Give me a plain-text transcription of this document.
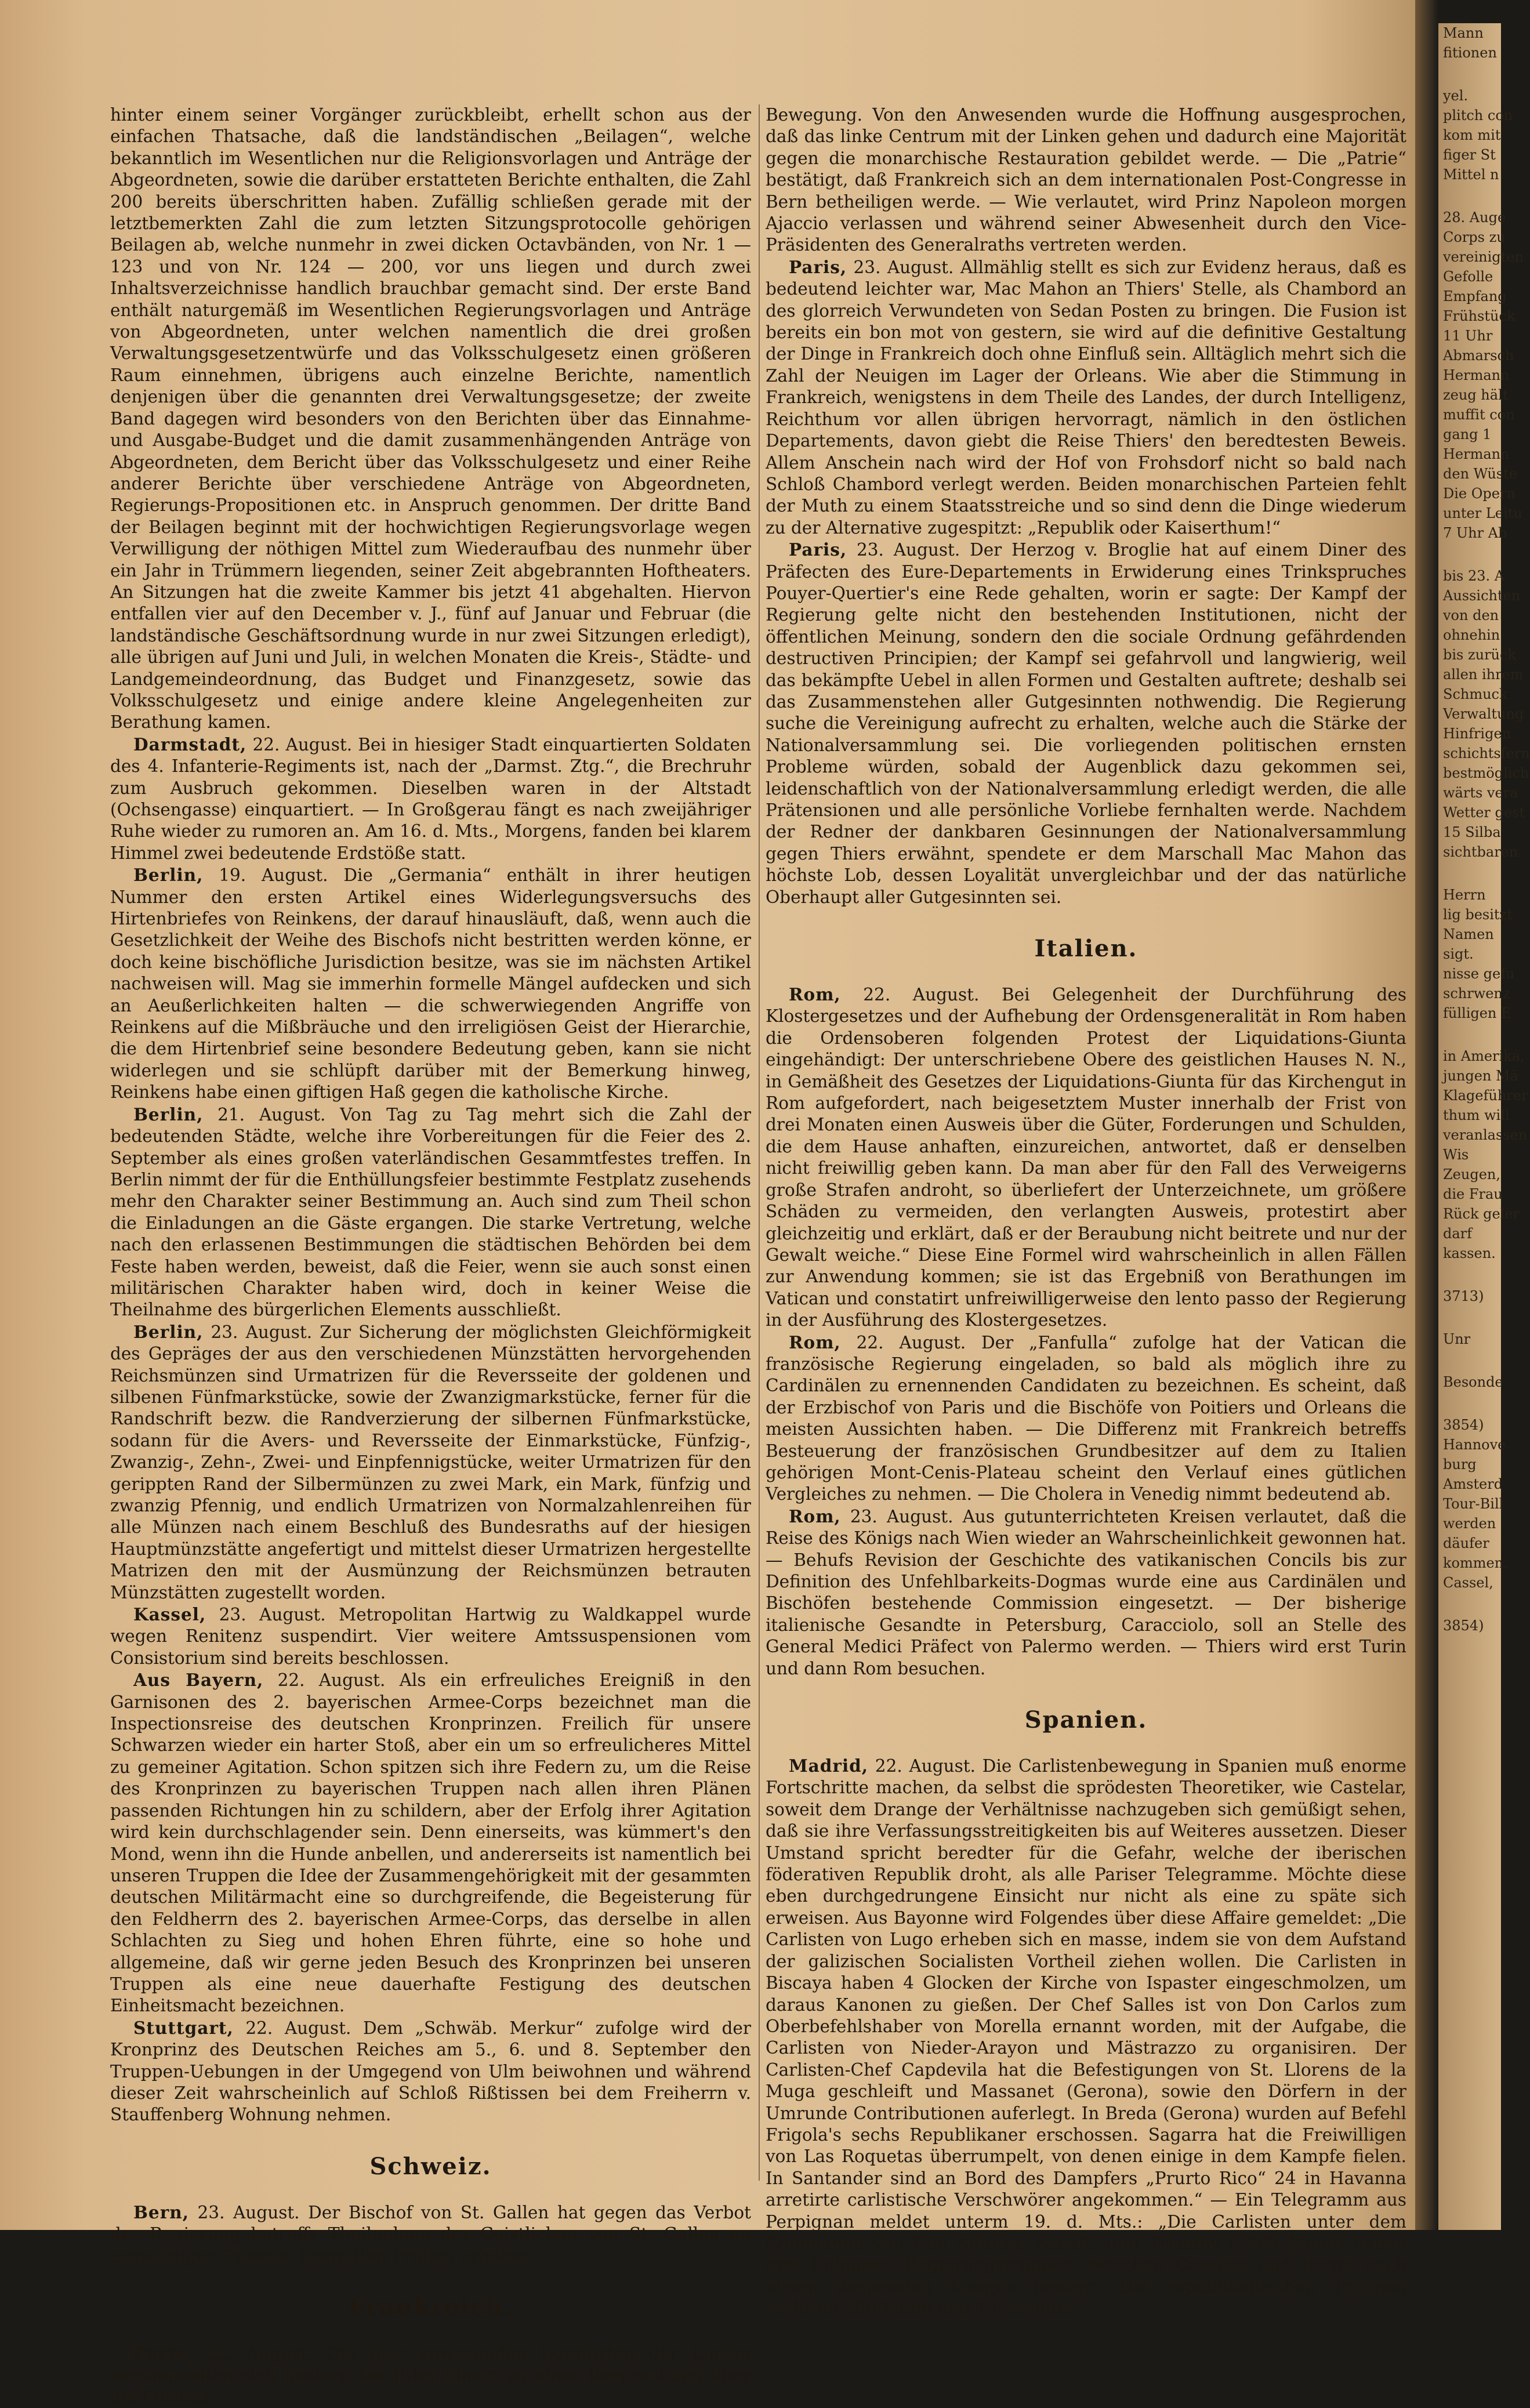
hinter einem seiner Vorgänger zurückbleibt, erhellt schon aus der einfachen Thatsache, daß die landständischen „Beilagen“, welche bekanntlich im Wesentlichen nur die Religionsvorlagen und Anträge der Abgeordneten, sowie die darüber erstatteten Berichte enthalten, die Zahl 200 bereits überschritten haben. Zufällig schließen gerade mit der letztbemerkten Zahl die zum letzten Sitzungsprotocolle gehörigen Beilagen ab, welche nunmehr in zwei dicken Octavbänden, von Nr. 1 — 123 und von Nr. 124 — 200, vor uns liegen und durch zwei Inhaltsverzeichnisse handlich brauchbar gemacht sind. Der erste Band enthält naturgemäß im Wesentlichen Regierungsvorlagen und Anträge von Abgeordneten, unter welchen namentlich die drei großen Verwaltungsgesetzentwürfe und das Volksschulgesetz einen größeren Raum einnehmen, übrigens auch einzelne Berichte, namentlich denjenigen über die genannten drei Verwaltungsgesetze; der zweite Band dagegen wird besonders von den Berichten über das Einnahme- und Ausgabe-Budget und die damit zusammenhängenden Anträge von Abgeordneten, dem Bericht über das Volksschulgesetz und einer Reihe anderer Berichte über verschiedene Anträge von Abgeordneten, Regierungs-Propositionen etc. in Anspruch genommen. Der dritte Band der Beilagen beginnt mit der hochwichtigen Regierungsvorlage wegen Verwilligung der nöthigen Mittel zum Wiederaufbau des nunmehr über ein Jahr in Trümmern liegenden, seiner Zeit abgebrannten Hoftheaters. An Sitzungen hat die zweite Kammer bis jetzt 41 abgehalten. Hiervon entfallen vier auf den December v. J., fünf auf Januar und Februar (die landständische Geschäftsordnung wurde in nur zwei Sitzungen erledigt), alle übrigen auf Juni und Juli, in welchen Monaten die Kreis-, Städte- und Landgemeindeordnung, das Budget und Finanzgesetz, sowie das Volksschulgesetz und einige andere kleine Angelegenheiten zur Berathung kamen.

Darmstadt, 22. August. Bei in hiesiger Stadt einquartierten Soldaten des 4. Infanterie-Regiments ist, nach der „Darmst. Ztg.“, die Brechruhr zum Ausbruch gekommen. Dieselben waren in der Altstadt (Ochsengasse) einquartiert. — In Großgerau fängt es nach zweijähriger Ruhe wieder zu rumoren an. Am 16. d. Mts., Morgens, fanden bei klarem Himmel zwei bedeutende Erdstöße statt.

Berlin, 19. August. Die „Germania“ enthält in ihrer heutigen Nummer den ersten Artikel eines Widerlegungsversuchs des Hirtenbriefes von Reinkens, der darauf hinausläuft, daß, wenn auch die Gesetzlichkeit der Weihe des Bischofs nicht bestritten werden könne, er doch keine bischöfliche Jurisdiction besitze, was sie im nächsten Artikel nachweisen will. Mag sie immerhin formelle Mängel aufdecken und sich an Aeußerlichkeiten halten — die schwerwiegenden Angriffe von Reinkens auf die Mißbräuche und den irreligiösen Geist der Hierarchie, die dem Hirtenbrief seine besondere Bedeutung geben, kann sie nicht widerlegen und sie schlüpft darüber mit der Bemerkung hinweg, Reinkens habe einen giftigen Haß gegen die katholische Kirche.

Berlin, 21. August. Von Tag zu Tag mehrt sich die Zahl der bedeutenden Städte, welche ihre Vorbereitungen für die Feier des 2. September als eines großen vaterländischen Gesammtfestes treffen. In Berlin nimmt der für die Enthüllungsfeier bestimmte Festplatz zusehends mehr den Charakter seiner Bestimmung an. Auch sind zum Theil schon die Einladungen an die Gäste ergangen. Die starke Vertretung, welche nach den erlassenen Bestimmungen die städtischen Behörden bei dem Feste haben werden, beweist, daß die Feier, wenn sie auch sonst einen militärischen Charakter haben wird, doch in keiner Weise die Theilnahme des bürgerlichen Elements ausschließt.

Berlin, 23. August. Zur Sicherung der möglichsten Gleichförmigkeit des Gepräges der aus den verschiedenen Münzstätten hervorgehenden Reichsmünzen sind Urmatrizen für die Reversseite der goldenen und silbenen Fünfmarkstücke, sowie der Zwanzigmarkstücke, ferner für die Randschrift bezw. die Randverzierung der silbernen Fünfmarkstücke, sodann für die Avers- und Reversseite der Einmarkstücke, Fünfzig-, Zwanzig-, Zehn-, Zwei- und Einpfennigstücke, weiter Urmatrizen für den gerippten Rand der Silbermünzen zu zwei Mark, ein Mark, fünfzig und zwanzig Pfennig, und endlich Urmatrizen von Normalzahlenreihen für alle Münzen nach einem Beschluß des Bundesraths auf der hiesigen Hauptmünzstätte angefertigt und mittelst dieser Urmatrizen hergestellte Matrizen den mit der Ausmünzung der Reichsmünzen betrauten Münzstätten zugestellt worden.

Kassel, 23. August. Metropolitan Hartwig zu Waldkappel wurde wegen Renitenz suspendirt. Vier weitere Amtssuspensionen vom Consistorium sind bereits beschlossen.

Aus Bayern, 22. August. Als ein erfreuliches Ereigniß in den Garnisonen des 2. bayerischen Armee-Corps bezeichnet man die Inspectionsreise des deutschen Kronprinzen. Freilich für unsere Schwarzen wieder ein harter Stoß, aber ein um so erfreulicheres Mittel zu gemeiner Agitation. Schon spitzen sich ihre Federn zu, um die Reise des Kronprinzen zu bayerischen Truppen nach allen ihren Plänen passenden Richtungen hin zu schildern, aber der Erfolg ihrer Agitation wird kein durchschlagender sein. Denn einerseits, was kümmert's den Mond, wenn ihn die Hunde anbellen, und andererseits ist namentlich bei unseren Truppen die Idee der Zusammengehörigkeit mit der gesammten deutschen Militärmacht eine so durchgreifende, die Begeisterung für den Feldherrn des 2. bayerischen Armee-Corps, das derselbe in allen Schlachten zu Sieg und hohen Ehren führte, eine so hohe und allgemeine, daß wir gerne jeden Besuch des Kronprinzen bei unseren Truppen als eine neue dauerhafte Festigung des deutschen Einheitsmacht bezeichnen.

Stuttgart, 22. August. Dem „Schwäb. Merkur“ zufolge wird der Kronprinz des Deutschen Reiches am 5., 6. und 8. September den Truppen-Uebungen in der Umgegend von Ulm beiwohnen und während dieser Zeit wahrscheinlich auf Schloß Rißtissen bei dem Freiherrn v. Stauffenberg Wohnung nehmen.

Schweiz.

Bern, 23. August. Der Bischof von St. Gallen hat gegen das Verbot der Regierung betreffs Theilnahme der Geistlichen von St. Gallen an auswärtigen Priester-Exercitien Protest erhoben.

Frankreich.

Paris, 22. August. Die hier anwesenden Deputirten der Linken versammelten sich gestern bei Jules Simon zu einer Besprechung über die Fusions-

Bewegung. Von den Anwesenden wurde die Hoffnung ausgesprochen, daß das linke Centrum mit der Linken gehen und dadurch eine Majorität gegen die monarchische Restauration gebildet werde. — Die „Patrie“ bestätigt, daß Frankreich sich an dem internationalen Post-Congresse in Bern betheiligen werde. — Wie verlautet, wird Prinz Napoleon morgen Ajaccio verlassen und während seiner Abwesenheit durch den Vice-Präsidenten des Generalraths vertreten werden.

Paris, 23. August. Allmählig stellt es sich zur Evidenz heraus, daß es bedeutend leichter war, Mac Mahon an Thiers' Stelle, als Chambord an des glorreich Verwundeten von Sedan Posten zu bringen. Die Fusion ist bereits ein bon mot von gestern, sie wird auf die definitive Gestaltung der Dinge in Frankreich doch ohne Einfluß sein. Alltäglich mehrt sich die Zahl der Neuigen im Lager der Orleans. Wie aber die Stimmung in Frankreich, wenigstens in dem Theile des Landes, der durch Intelligenz, Reichthum vor allen übrigen hervorragt, nämlich in den östlichen Departements, davon giebt die Reise Thiers' den beredtesten Beweis. Allem Anschein nach wird der Hof von Frohsdorf nicht so bald nach Schloß Chambord verlegt werden. Beiden monarchischen Parteien fehlt der Muth zu einem Staatsstreiche und so sind denn die Dinge wiederum zu der Alternative zugespitzt: „Republik oder Kaiserthum!“

Paris, 23. August. Der Herzog v. Broglie hat auf einem Diner des Präfecten des Eure-Departements in Erwiderung eines Trinkspruches Pouyer-Quertier's eine Rede gehalten, worin er sagte: Der Kampf der Regierung gelte nicht den bestehenden Institutionen, nicht der öffentlichen Meinung, sondern den die sociale Ordnung gefährdenden destructiven Principien; der Kampf sei gefahrvoll und langwierig, weil das bekämpfte Uebel in allen Formen und Gestalten auftrete; deshalb sei das Zusammenstehen aller Gutgesinnten nothwendig. Die Regierung suche die Vereinigung aufrecht zu erhalten, welche auch die Stärke der Nationalversammlung sei. Die vorliegenden politischen ernsten Probleme würden, sobald der Augenblick dazu gekommen sei, leidenschaftlich von der Nationalversammlung erledigt werden, die alle Prätensionen und alle persönliche Vorliebe fernhalten werde. Nachdem der Redner der dankbaren Gesinnungen der Nationalversammlung gegen Thiers erwähnt, spendete er dem Marschall Mac Mahon das höchste Lob, dessen Loyalität unvergleichbar und der das natürliche Oberhaupt aller Gutgesinnten sei.

Italien.

Rom, 22. August. Bei Gelegenheit der Durchführung des Klostergesetzes und der Aufhebung der Ordensgeneralität in Rom haben die Ordensoberen folgenden Protest der Liquidations-Giunta eingehändigt: Der unterschriebene Obere des geistlichen Hauses N. N., in Gemäßheit des Gesetzes der Liquidations-Giunta für das Kirchengut in Rom aufgefordert, nach beigesetztem Muster innerhalb der Frist von drei Monaten einen Ausweis über die Güter, Forderungen und Schulden, die dem Hause anhaften, einzureichen, antwortet, daß er denselben nicht freiwillig geben kann. Da man aber für den Fall des Verweigerns große Strafen androht, so überliefert der Unterzeichnete, um größere Schäden zu vermeiden, den verlangten Ausweis, protestirt aber gleichzeitig und erklärt, daß er der Beraubung nicht beitrete und nur der Gewalt weiche.“ Diese Eine Formel wird wahrscheinlich in allen Fällen zur Anwendung kommen; sie ist das Ergebniß von Berathungen im Vatican und constatirt unfreiwilligerweise den lento passo der Regierung in der Ausführung des Klostergesetzes.

Rom, 22. August. Der „Fanfulla“ zufolge hat der Vatican die französische Regierung eingeladen, so bald als möglich ihre zu Cardinälen zu ernennenden Candidaten zu bezeichnen. Es scheint, daß der Erzbischof von Paris und die Bischöfe von Poitiers und Orleans die meisten Aussichten haben. — Die Differenz mit Frankreich betreffs Besteuerung der französischen Grundbesitzer auf dem zu Italien gehörigen Mont-Cenis-Plateau scheint den Verlauf eines gütlichen Vergleiches zu nehmen. — Die Cholera in Venedig nimmt bedeutend ab.

Rom, 23. August. Aus gutunterrichteten Kreisen verlautet, daß die Reise des Königs nach Wien wieder an Wahrscheinlichkeit gewonnen hat. — Behufs Revision der Geschichte des vatikanischen Concils bis zur Definition des Unfehlbarkeits-Dogmas wurde eine aus Cardinälen und Bischöfen bestehende Commission eingesetzt. — Der bisherige italienische Gesandte in Petersburg, Caracciolo, soll an Stelle des General Medici Präfect von Palermo werden. — Thiers wird erst Turin und dann Rom besuchen.

Spanien.

Madrid, 22. August. Die Carlistenbewegung in Spanien muß enorme Fortschritte machen, da selbst die sprödesten Theoretiker, wie Castelar, soweit dem Drange der Verhältnisse nachzugeben sich gemüßigt sehen, daß sie ihre Verfassungsstreitigkeiten bis auf Weiteres aussetzen. Dieser Umstand spricht beredter für die Gefahr, welche der iberischen föderativen Republik droht, als alle Pariser Telegramme. Möchte diese eben durchgedrungene Einsicht nur nicht als eine zu späte sich erweisen. Aus Bayonne wird Folgendes über diese Affaire gemeldet: „Die Carlisten von Lugo erheben sich en masse, indem sie von dem Aufstand der galizischen Socialisten Vortheil ziehen wollen. Die Carlisten in Biscaya haben 4 Glocken der Kirche von Ispaster eingeschmolzen, um daraus Kanonen zu gießen. Der Chef Salles ist von Don Carlos zum Oberbefehlshaber von Morella ernannt worden, mit der Aufgabe, die Carlisten von Nieder-Arayon und Mästrazzo zu organisiren. Der Carlisten-Chef Capdevila hat die Befestigungen von St. Llorens de la Muga geschleift und Massanet (Gerona), sowie den Dörfern in der Umrunde Contributionen auferlegt. In Breda (Gerona) wurden auf Befehl Frigola's sechs Republikaner erschossen. Sagarra hat die Freiwilligen von Las Roquetas überrumpelt, von denen einige in dem Kampfe fielen. In Santander sind an Bord des Dampfers „Prurto Rico“ 24 in Havanna arretirte carlistische Verschwörer angekommen.“ — Ein Telegramm aus Perpignan meldet unterm 19. d. Mts.: „Die Carlisten unter dem Commando von Don Alfonso, Saballs und Tristany (2400 Mann) haben drei Colonnen Regierungstruppen zwischen Caseñas und Berga nach einem desperaten Kampfe besiegt. Die republikanischen Truppen verloren 200 Mann und 1 Geschütz.“

Mann
fitionen
yel.
plitch con
kom mit
figer St
Mittel n
28. Auge
Corps zu
vereinigten
Gefolle
Empfang
Frühstück
11 Uhr
Abmarsch
Hermann
zeug hält
muffit con
gang 1
Hermann
den Wüste
Die Opern
unter Leitu
7 Uhr Ab
bis 23. A
Aussichten
von den
ohnehin
bis zurück
allen ihrem
Schmuck
Verwaltung
Hinfrigen
schichtsfern
bestmöglich
wärts vera
Wetter gest
15 Silba
sichtbaren
Herrn
lig besitzt
Namen
sigt.
nisse gefu
schrwenz
fülligen E
in Amerika,
jungen Mä
Klageführer
thum will
veranlassen
Wis
Zeugen,
die Frau
Rück geler
darf
kassen.
3713)
Unr
Besonde
3854)
Hannove
burg
Amsterd
Tour-Bill
werden
däufer
kommen.
Cassel,
3854)
